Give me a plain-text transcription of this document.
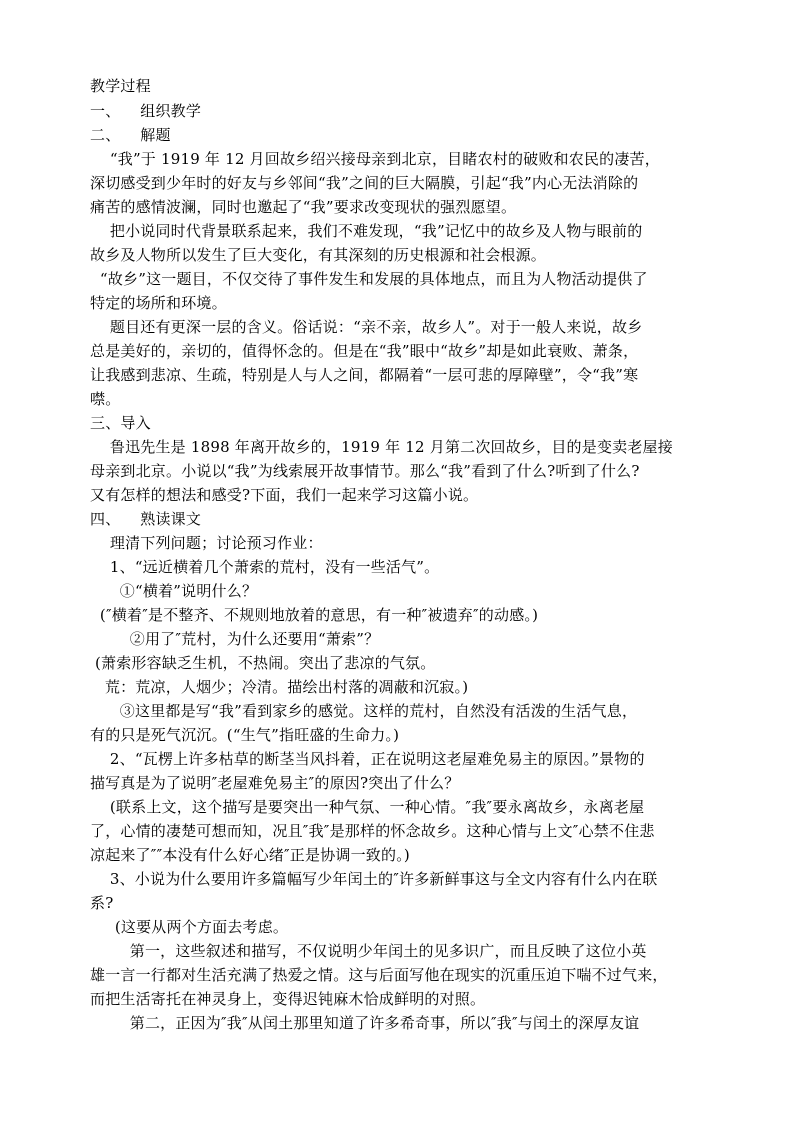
教学过程
一、    组织教学
二、    解题
“我”于 1919 年 12 月回故乡绍兴接母亲到北京，目睹农村的破败和农民的凄苦，
深切感受到少年时的好友与乡邻间“我”之间的巨大隔膜，引起“我”内心无法消除的
痛苦的感情波澜，同时也邀起了“我”要求改变现状的强烈愿望。
把小说同时代背景联系起来，我们不难发现，“我”记忆中的故乡及人物与眼前的
故乡及人物所以发生了巨大变化，有其深刻的历史根源和社会根源。
“故乡”这一题目，不仅交待了事件发生和发展的具体地点，而且为人物活动提供了
特定的场所和环境。
题目还有更深一层的含义。俗话说：“亲不亲，故乡人”。对于一般人来说，故乡
总是美好的，亲切的，值得怀念的。但是在“我”眼中“故乡”却是如此衰败、萧条，
让我感到悲凉、生疏，特别是人与人之间，都隔着“一层可悲的厚障壁”，令“我”寒
噤。
三、导入
鲁迅先生是 1898 年离开故乡的，1919 年 12 月第二次回故乡，目的是变卖老屋接
母亲到北京。小说以“我”为线索展开故事情节。那么“我”看到了什么?听到了什么?
又有怎样的想法和感受?下面，我们一起来学习这篇小说。
四、    熟读课文
理清下列问题；讨论预习作业：
1、“远近横着几个萧索的荒村，没有一些活气”。
①“横着”说明什么？
(″横着″是不整齐、不规则地放着的意思，有一种″被遗弃″的动感。)
②用了″荒村，为什么还要用“萧索”？
(萧索形容缺乏生机，不热闹。突出了悲凉的气氛。
荒：荒凉，人烟少；冷清。描绘出村落的凋蔽和沉寂。)
③这里都是写“我”看到家乡的感觉。这样的荒村，自然没有活泼的生活气息，
有的只是死气沉沉。(“生气”指旺盛的生命力。)
2、“瓦楞上许多枯草的断茎当风抖着，正在说明这老屋难免易主的原因。”景物的
描写真是为了说明″老屋难免易主″的原因?突出了什么？
(联系上文，这个描写是要突出一种气氛、一种心情。″我″要永离故乡，永离老屋
了，心情的凄楚可想而知，况且″我″是那样的怀念故乡。这种心情与上文″心禁不住悲
凉起来了″″本没有什么好心绪″正是协调一致的。)
3、小说为什么要用许多篇幅写少年闰土的″许多新鲜事这与全文内容有什么内在联
系?
(这要从两个方面去考虑。
第一，这些叙述和描写，不仅说明少年闰土的见多识广，而且反映了这位小英
雄一言一行都对生活充满了热爱之情。这与后面写他在现实的沉重压迫下喘不过气来，
而把生活寄托在神灵身上，变得迟钝麻木恰成鲜明的对照。
第二，正因为″我″从闰土那里知道了许多希奇事，所以″我″与闰土的深厚友谊
